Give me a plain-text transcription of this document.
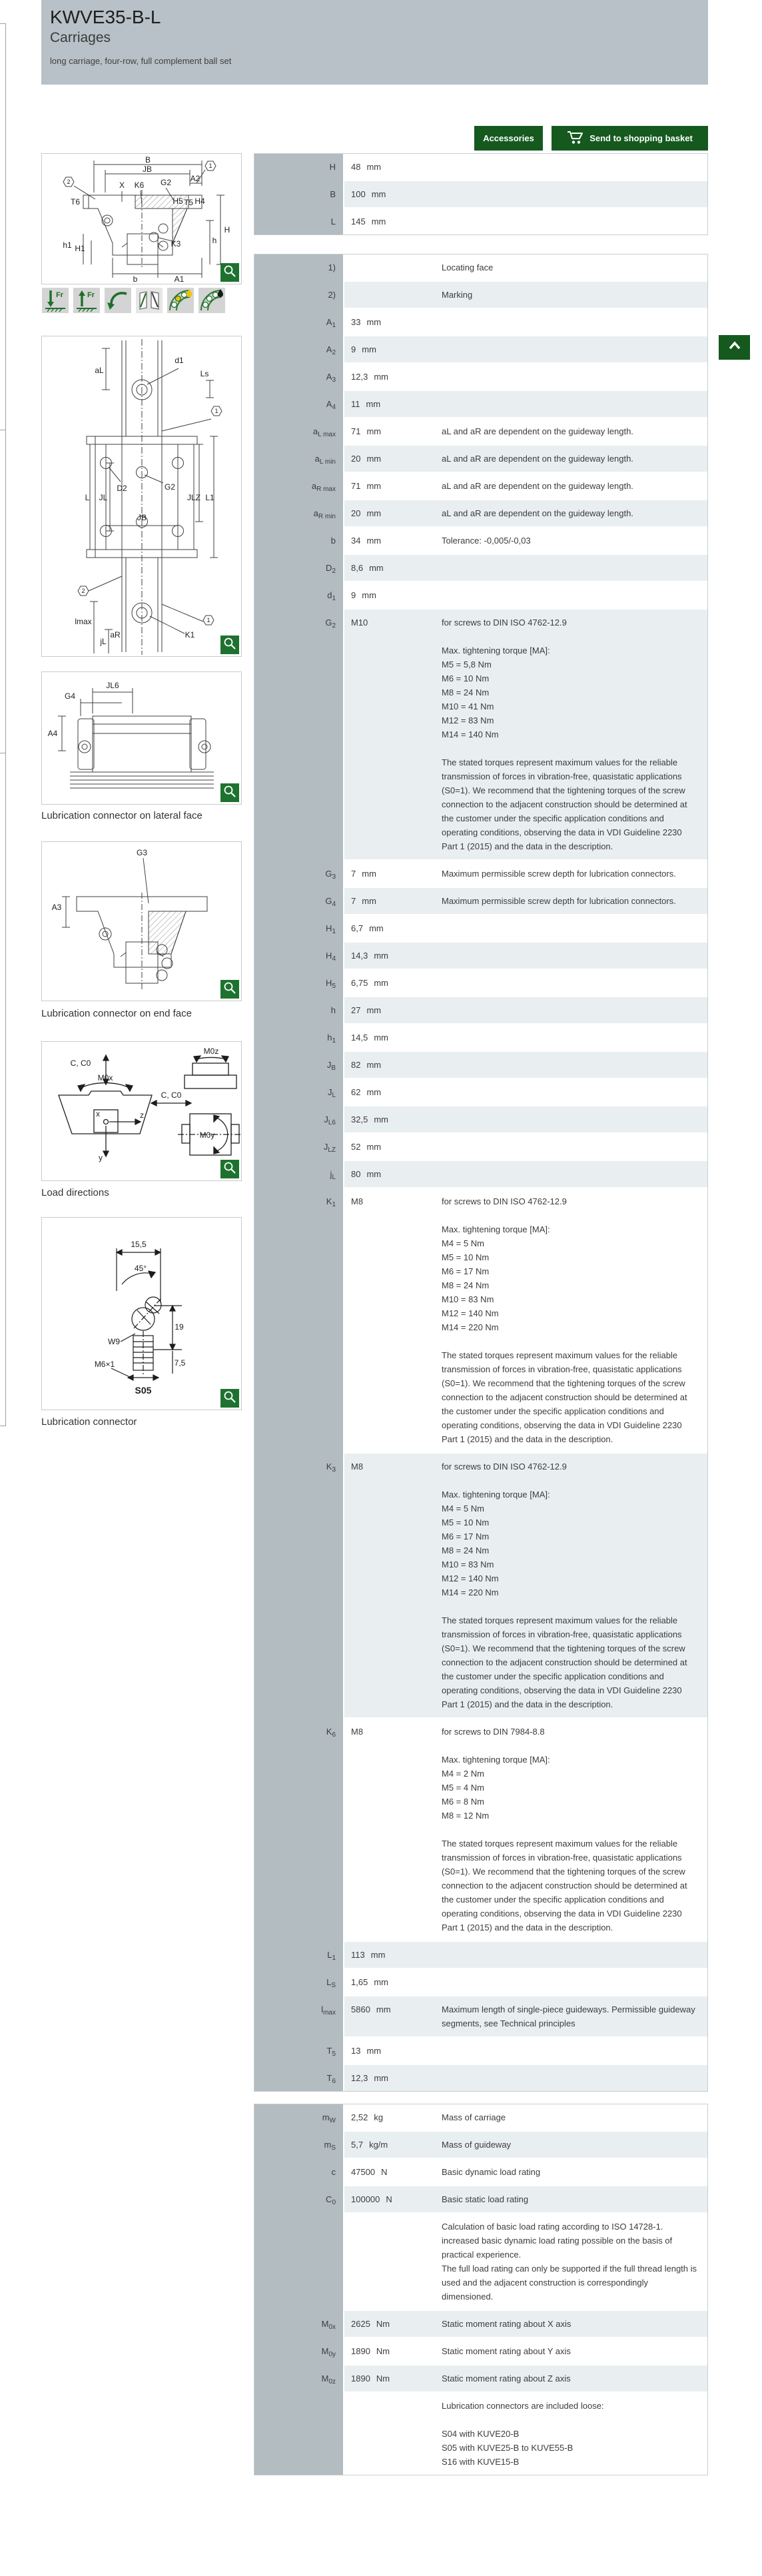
KWVE35-B-L
Carriages
long carriage, four-row, full complement ball set
Accessories	Send to shopping basket
B
JB
A2
1
2	X K6 G2
T6	H5 T5 H4
H
h
h1 H1	K3
b	A1
Fr	Fr
aL
d1
Ls
1
L JL
D2	G2
JB
JLZ L1
2
jL
lmax
aR	K1
1
JL6
G4
A4
Lubrication connector on lateral face
G3
A3
Lubrication connector on end face
C, C0
M0x
C, C0
M0z
M0y
x
y
z
Load directions
15,5
45°
19
W9
M6×1	7,5
S05
Lubrication connector
H	48 mm
B	100 mm
L	145 mm
1)	Locating face
2)	Marking
$A_1$	33 mm
$A_2$	9 mm
$A_3$	12,3 mm
$A_4$	11 mm
$a_{L max}$	71 mm	aL and aR are dependent on the guideway length.
$a_{L min}$	20 mm	aL and aR are dependent on the guideway length.
$a_{R max}$	71 mm	aL and aR are dependent on the guideway length.
$a_{R min}$	20 mm	aL and aR are dependent on the guideway length.
b	34 mm	Tolerance: -0,005/-0,03
$D_2$	8,6 mm
$d_1$	9 mm
$G_2$	M10	for screws to DIN ISO 4762-12.9

Max. tightening torque [MA]:
M5 = 5,8 Nm
M6 = 10 Nm
M8 = 24 Nm
M10 = 41 Nm
M12 = 83 Nm
M14 = 140 Nm

The stated torques represent maximum values for the reliable transmission of forces in vibration-free, quasistatic applications (S0=1). We recommend that the tightening torques of the screw connection to the adjacent construction should be determined at the customer under the specific application conditions and operating conditions, observing the data in VDI Guideline 2230 Part 1 (2015) and the data in the description.
$G_3$	7 mm	Maximum permissible screw depth for lubrication connectors.
$G_4$	7 mm	Maximum permissible screw depth for lubrication connectors.
$H_1$	6,7 mm
$H_4$	14,3 mm
$H_5$	6,75 mm
h	27 mm
$h_1$	14,5 mm
$J_B$	82 mm
$J_L$	62 mm
$J_{L6}$	32,5 mm
$J_{LZ}$	52 mm
$j_L$	80 mm
$K_1$	M8	for screws to DIN ISO 4762-12.9

Max. tightening torque [MA]:
M4 = 5 Nm
M5 = 10 Nm
M6 = 17 Nm
M8 = 24 Nm
M10 = 83 Nm
M12 = 140 Nm
M14 = 220 Nm

The stated torques represent maximum values for the reliable transmission of forces in vibration-free, quasistatic applications (S0=1). We recommend that the tightening torques of the screw connection to the adjacent construction should be determined at the customer under the specific application conditions and operating conditions, observing the data in VDI Guideline 2230 Part 1 (2015) and the data in the description.
$K_3$	M8	for screws to DIN ISO 4762-12.9

Max. tightening torque [MA]:
M4 = 5 Nm
M5 = 10 Nm
M6 = 17 Nm
M8 = 24 Nm
M10 = 83 Nm
M12 = 140 Nm
M14 = 220 Nm

The stated torques represent maximum values for the reliable transmission of forces in vibration-free, quasistatic applications (S0=1). We recommend that the tightening torques of the screw connection to the adjacent construction should be determined at the customer under the specific application conditions and operating conditions, observing the data in VDI Guideline 2230 Part 1 (2015) and the data in the description.
$K_6$	M8	for screws to DIN 7984-8.8

Max. tightening torque [MA]:
M4 = 2 Nm
M5 = 4 Nm
M6 = 8 Nm
M8 = 12 Nm

The stated torques represent maximum values for the reliable transmission of forces in vibration-free, quasistatic applications (S0=1). We recommend that the tightening torques of the screw connection to the adjacent construction should be determined at the customer under the specific application conditions and operating conditions, observing the data in VDI Guideline 2230 Part 1 (2015) and the data in the description.
$L_1$	113 mm
$L_S$	1,65 mm
$l_{max}$	5860 mm	Maximum length of single-piece guideways. Permissible guideway segments, see Technical principles
$T_5$	13 mm
$T_6$	12,3 mm
$m_W$	2,52 kg	Mass of carriage
$m_S$	5,7 kg/m	Mass of guideway
c	47500 N	Basic dynamic load rating
$C_0$	100000 N	Basic static load rating
Calculation of basic load rating according to ISO 14728-1.
increased basic dynamic load rating possible on the basis of practical experience.
The full load rating can only be supported if the full thread length is used and the adjacent construction is correspondingly dimensioned.
$M_{0x}$	2625 Nm	Static moment rating about X axis
$M_{0y}$	1890 Nm	Static moment rating about Y axis
$M_{0z}$	1890 Nm	Static moment rating about Z axis
Lubrication connectors are included loose:

S04 with KUVE20-B
S05 with KUVE25-B to KUVE55-B
S16 with KUVE15-B
